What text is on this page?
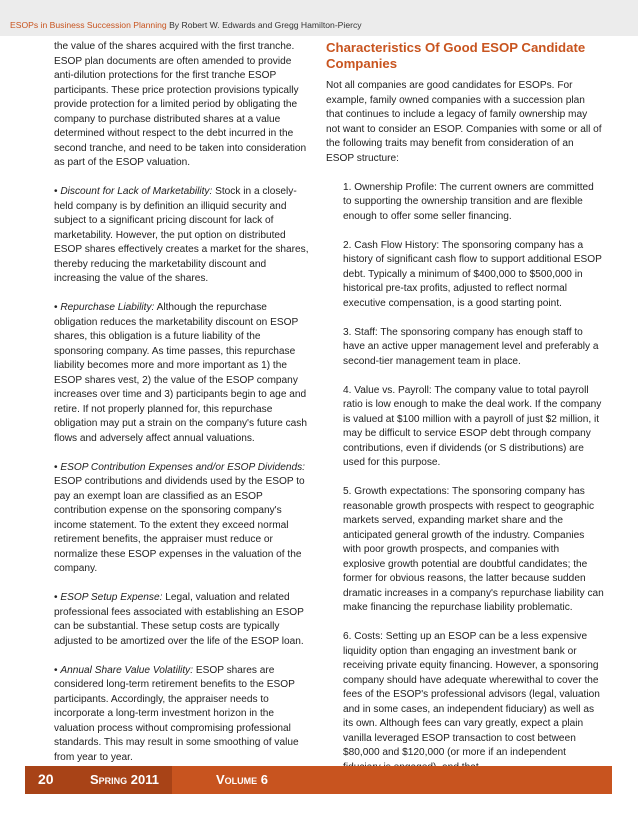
ESOPs in Business Succession Planning By Robert W. Edwards and Gregg Hamilton-Piercy

the value of the shares acquired with the first tranche. ESOP plan documents are often amended to provide anti-dilution protections for the first tranche ESOP participants. These price protection provisions typically provide protection for a limited period by obligating the company to purchase distributed shares at a value determined without respect to the debt incurred in the second tranche, and need to be taken into consideration as part of the ESOP valuation.

• Discount for Lack of Marketability: Stock in a closely-held company is by definition an illiquid security and subject to a significant pricing discount for lack of marketability. However, the put option on distributed ESOP shares effectively creates a market for the shares, thereby reducing the marketability discount and increasing the value of the shares.

• Repurchase Liability: Although the repurchase obligation reduces the marketability discount on ESOP shares, this obligation is a future liability of the sponsoring company. As time passes, this repurchase liability becomes more and more important as 1) the ESOP shares vest, 2) the value of the ESOP company increases over time and 3) participants begin to age and retire. If not properly planned for, this repurchase obligation may put a strain on the company's future cash flows and adversely affect annual valuations.

• ESOP Contribution Expenses and/or ESOP Dividends: ESOP contributions and dividends used by the ESOP to pay an exempt loan are classified as an ESOP contribution expense on the sponsoring company's income statement. To the extent they exceed normal retirement benefits, the appraiser must reduce or normalize these ESOP expenses in the valuation of the company.

• ESOP Setup Expense: Legal, valuation and related professional fees associated with establishing an ESOP can be substantial. These setup costs are typically adjusted to be amortized over the life of the ESOP loan.

• Annual Share Value Volatility: ESOP shares are considered long-term retirement benefits to the ESOP participants. Accordingly, the appraiser needs to incorporate a long-term investment horizon in the valuation process without compromising professional standards. This may result in some smoothing of value from year to year.

Characteristics Of Good ESOP Candidate Companies

Not all companies are good candidates for ESOPs. For example, family owned companies with a succession plan that continues to include a legacy of family ownership may not want to consider an ESOP. Companies with some or all of the following traits may benefit from consideration of an ESOP structure:

1. Ownership Profile: The current owners are committed to supporting the ownership transition and are flexible enough to offer some seller financing.

2. Cash Flow History: The sponsoring company has a history of significant cash flow to support additional ESOP debt. Typically a minimum of $400,000 to $500,000 in historical pre-tax profits, adjusted to reflect normal executive compensation, is a good starting point.

3. Staff: The sponsoring company has enough staff to have an active upper management level and preferably a second-tier management team in place.

4. Value vs. Payroll: The company value to total payroll ratio is low enough to make the deal work. If the company is valued at $100 million with a payroll of just $2 million, it may be difficult to service ESOP debt through company contributions, even if dividends (or S distributions) are used for this purpose.

5. Growth expectations: The sponsoring company has reasonable growth prospects with respect to geographic markets served, expanding market share and the anticipated general growth of the industry. Companies with poor growth prospects, and companies with explosive growth potential are doubtful candidates; the former for obvious reasons, the latter because sudden dramatic increases in a company's repurchase liability can make financing the repurchase liability problematic.

6. Costs: Setting up an ESOP can be a less expensive liquidity option than engaging an investment bank or receiving private equity financing. However, a sponsoring company should have adequate wherewithal to cover the fees of the ESOP's professional advisors (legal, valuation and in some cases, an independent fiduciary) as well as its own. Although fees can vary greatly, expect a plain vanilla leveraged ESOP transaction to cost between $80,000 and $120,000 (or more if an independent

20	Spring 2011	Volume 6
